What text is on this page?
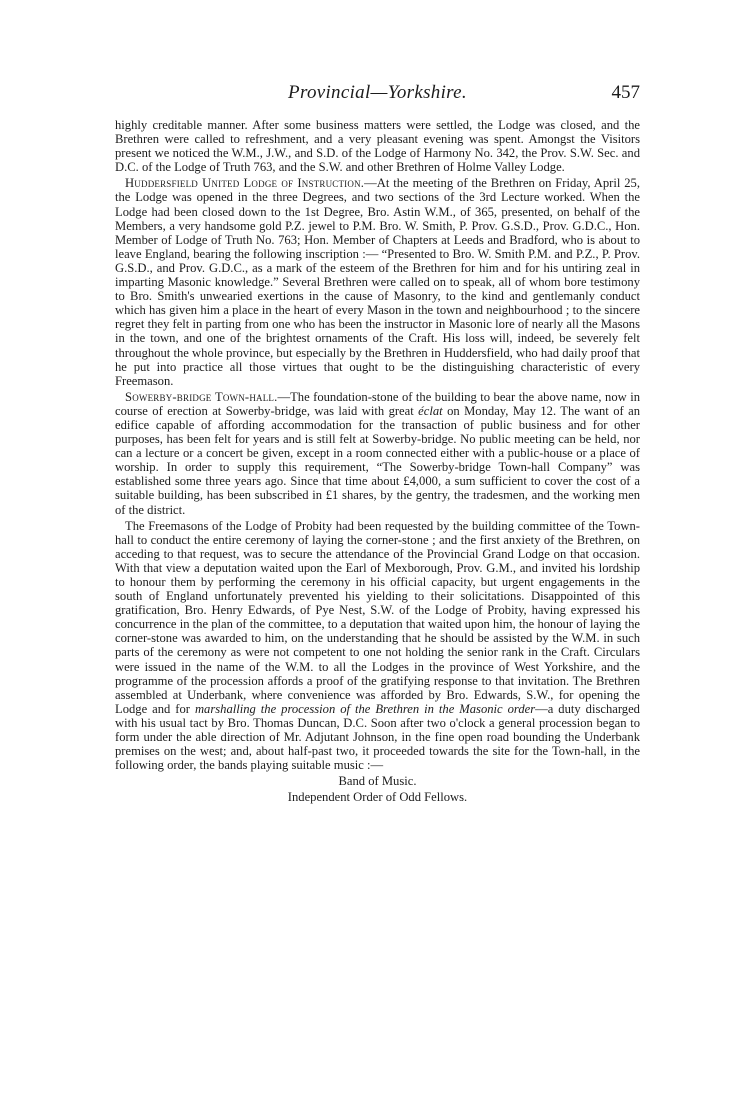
Provincial—Yorkshire.	457

highly creditable manner. After some business matters were settled, the Lodge was closed, and the Brethren were called to refreshment, and a very pleasant evening was spent. Amongst the Visitors present we noticed the W.M., J.W., and S.D. of the Lodge of Harmony No. 342, the Prov. S.W. Sec. and D.C. of the Lodge of Truth 763, and the S.W. and other Brethren of Holme Valley Lodge.

Huddersfield United Lodge of Instruction.—At the meeting of the Brethren on Friday, April 25, the Lodge was opened in the three Degrees, and two sections of the 3rd Lecture worked. When the Lodge had been closed down to the 1st Degree, Bro. Astin W.M., of 365, presented, on behalf of the Members, a very handsome gold P.Z. jewel to P.M. Bro. W. Smith, P. Prov. G.S.D., Prov. G.D.C., Hon. Member of Lodge of Truth No. 763; Hon. Member of Chapters at Leeds and Bradford, who is about to leave England, bearing the following inscription :— “Presented to Bro. W. Smith P.M. and P.Z., P. Prov. G.S.D., and Prov. G.D.C., as a mark of the esteem of the Brethren for him and for his untiring zeal in imparting Masonic knowledge.” Several Brethren were called on to speak, all of whom bore testimony to Bro. Smith's unwearied exertions in the cause of Masonry, to the kind and gentlemanly conduct which has given him a place in the heart of every Mason in the town and neighbourhood ; to the sincere regret they felt in parting from one who has been the instructor in Masonic lore of nearly all the Masons in the town, and one of the brightest ornaments of the Craft. His loss will, indeed, be severely felt throughout the whole province, but especially by the Brethren in Huddersfield, who had daily proof that he put into practice all those virtues that ought to be the distinguishing characteristic of every Freemason.

Sowerby-bridge Town-hall.—The foundation-stone of the building to bear the above name, now in course of erection at Sowerby-bridge, was laid with great éclat on Monday, May 12. The want of an edifice capable of affording accommodation for the transaction of public business and for other purposes, has been felt for years and is still felt at Sowerby-bridge. No public meeting can be held, nor can a lecture or a concert be given, except in a room connected either with a public-house or a place of worship. In order to supply this requirement, “The Sowerby-bridge Town-hall Company” was established some three years ago. Since that time about £4,000, a sum sufficient to cover the cost of a suitable building, has been subscribed in £1 shares, by the gentry, the tradesmen, and the working men of the district.

The Freemasons of the Lodge of Probity had been requested by the building committee of the Town-hall to conduct the entire ceremony of laying the corner-stone ; and the first anxiety of the Brethren, on acceding to that request, was to secure the attendance of the Provincial Grand Lodge on that occasion. With that view a deputation waited upon the Earl of Mexborough, Prov. G.M., and invited his lordship to honour them by performing the ceremony in his official capacity, but urgent engagements in the south of England unfortunately prevented his yielding to their solicitations. Disappointed of this gratification, Bro. Henry Edwards, of Pye Nest, S.W. of the Lodge of Probity, having expressed his concurrence in the plan of the committee, to a deputation that waited upon him, the honour of laying the corner-stone was awarded to him, on the understanding that he should be assisted by the W.M. in such parts of the ceremony as were not competent to one not holding the senior rank in the Craft. Circulars were issued in the name of the W.M. to all the Lodges in the province of West Yorkshire, and the programme of the procession affords a proof of the gratifying response to that invitation. The Brethren assembled at Underbank, where convenience was afforded by Bro. Edwards, S.W., for opening the Lodge and for marshalling the procession of the Brethren in the Masonic order—a duty discharged with his usual tact by Bro. Thomas Duncan, D.C. Soon after two o'clock a general procession began to form under the able direction of Mr. Adjutant Johnson, in the fine open road bounding the Underbank premises on the west; and, about half-past two, it proceeded towards the site for the Town-hall, in the following order, the bands playing suitable music :—

Band of Music.

Independent Order of Odd Fellows.
